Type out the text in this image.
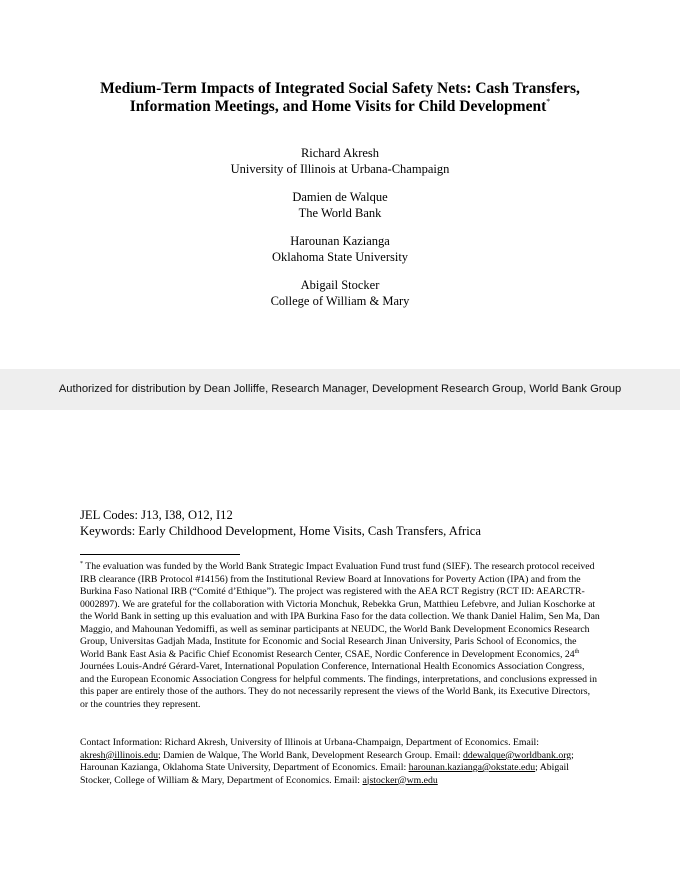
Medium-Term Impacts of Integrated Social Safety Nets: Cash Transfers,
Information Meetings, and Home Visits for Child Development*
Richard Akresh
University of Illinois at Urbana-Champaign
Damien de Walque
The World Bank
Harounan Kazianga
Oklahoma State University
Abigail Stocker
College of William & Mary
Authorized for distribution by Dean Jolliffe, Research Manager, Development Research Group, World Bank Group
JEL Codes: J13, I38, O12, I12
Keywords: Early Childhood Development, Home Visits, Cash Transfers, Africa
* The evaluation was funded by the World Bank Strategic Impact Evaluation Fund trust fund (SIEF). The research protocol received IRB clearance (IRB Protocol #14156) from the Institutional Review Board at Innovations for Poverty Action (IPA) and from the Burkina Faso National IRB (“Comité d’Ethique”). The project was registered with the AEA RCT Registry (RCT ID: AEARCTR-0002897). We are grateful for the collaboration with Victoria Monchuk, Rebekka Grun, Matthieu Lefebvre, and Julian Koschorke at the World Bank in setting up this evaluation and with IPA Burkina Faso for the data collection. We thank Daniel Halim, Sen Ma, Dan Maggio, and Mahounan Yedomiffi, as well as seminar participants at NEUDC, the World Bank Development Economics Research Group, Universitas Gadjah Mada, Institute for Economic and Social Research Jinan University, Paris School of Economics, the World Bank East Asia & Pacific Chief Economist Research Center, CSAE, Nordic Conference in Development Economics, 24th Journées Louis-André Gérard-Varet, International Population Conference, International Health Economics Association Congress, and the European Economic Association Congress for helpful comments. The findings, interpretations, and conclusions expressed in this paper are entirely those of the authors. They do not necessarily represent the views of the World Bank, its Executive Directors, or the countries they represent.
Contact Information: Richard Akresh, University of Illinois at Urbana-Champaign, Department of Economics. Email: akresh@illinois.edu; Damien de Walque, The World Bank, Development Research Group. Email: ddewalque@worldbank.org; Harounan Kazianga, Oklahoma State University, Department of Economics. Email: harounan.kazianga@okstate.edu; Abigail Stocker, College of William & Mary, Department of Economics. Email: ajstocker@wm.edu
